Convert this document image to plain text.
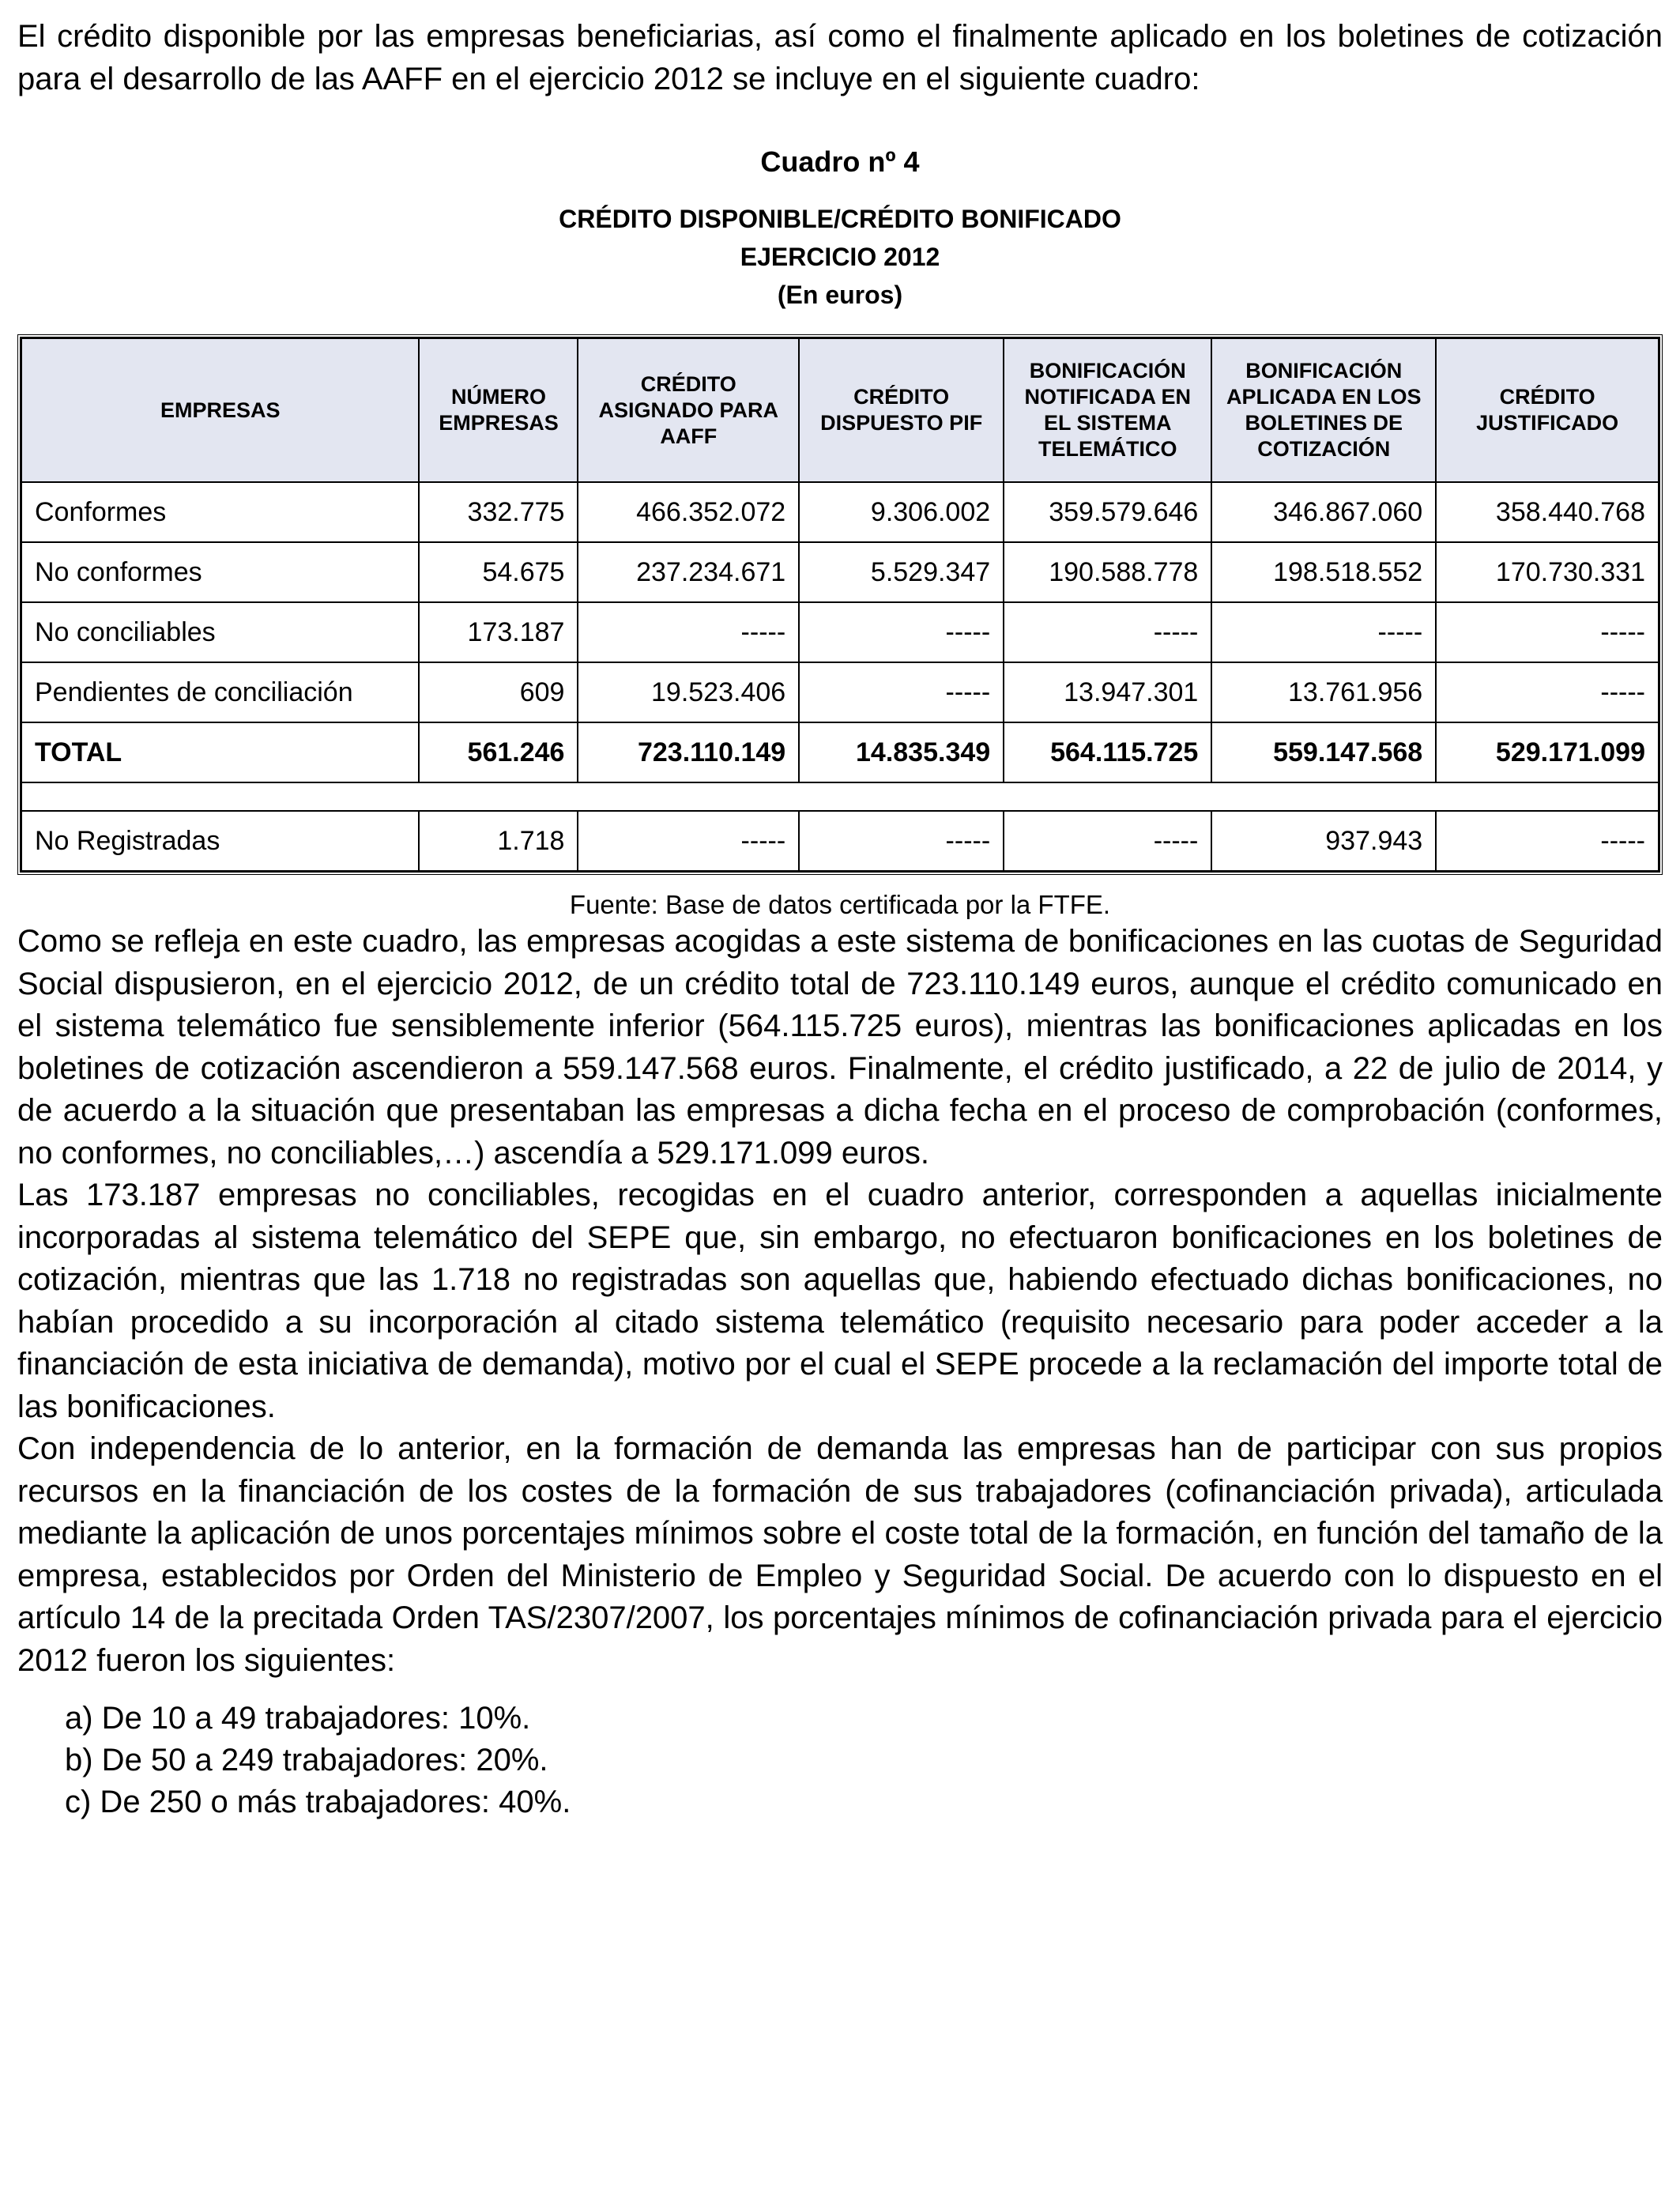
El crédito disponible por las empresas beneficiarias, así como el finalmente aplicado en los boletines de cotización para el desarrollo de las AAFF en el ejercicio 2012 se incluye en el siguiente cuadro:

Cuadro nº 4
CRÉDITO DISPONIBLE/CRÉDITO BONIFICADO
EJERCICIO 2012
(En euros)
EMPRESAS	NÚMERO EMPRESAS	CRÉDITO ASIGNADO PARA AAFF	CRÉDITO DISPUESTO PIF	BONIFICACIÓN NOTIFICADA EN EL SISTEMA TELEMÁTICO	BONIFICACIÓN APLICADA EN LOS BOLETINES DE COTIZACIÓN	CRÉDITO JUSTIFICADO
Conformes	332.775	466.352.072	9.306.002	359.579.646	346.867.060	358.440.768
No conformes	54.675	237.234.671	5.529.347	190.588.778	198.518.552	170.730.331
No conciliables	173.187	-----	-----	-----	-----	-----
Pendientes de conciliación	609	19.523.406	-----	13.947.301	13.761.956	-----
TOTAL	561.246	723.110.149	14.835.349	564.115.725	559.147.568	529.171.099

No Registradas	1.718	-----	-----	-----	937.943	-----
Fuente: Base de datos certificada por la FTFE.

Como se refleja en este cuadro, las empresas acogidas a este sistema de bonificaciones en las cuotas de Seguridad Social dispusieron, en el ejercicio 2012, de un crédito total de 723.110.149 euros, aunque el crédito comunicado en el sistema telemático fue sensiblemente inferior (564.115.725 euros), mientras las bonificaciones aplicadas en los boletines de cotización ascendieron a 559.147.568 euros. Finalmente, el crédito justificado, a 22 de julio de 2014, y de acuerdo a la situación que presentaban las empresas a dicha fecha en el proceso de comprobación (conformes, no conformes, no conciliables,…) ascendía a 529.171.099 euros.

Las 173.187 empresas no conciliables, recogidas en el cuadro anterior, corresponden a aquellas inicialmente incorporadas al sistema telemático del SEPE que, sin embargo, no efectuaron bonificaciones en los boletines de cotización, mientras que las 1.718 no registradas son aquellas que, habiendo efectuado dichas bonificaciones, no habían procedido a su incorporación al citado sistema telemático (requisito necesario para poder acceder a la financiación de esta iniciativa de demanda), motivo por el cual el SEPE procede a la reclamación del importe total de las bonificaciones.

Con independencia de lo anterior, en la formación de demanda las empresas han de participar con sus propios recursos en la financiación de los costes de la formación de sus trabajadores (cofinanciación privada), articulada mediante la aplicación de unos porcentajes mínimos sobre el coste total de la formación, en función del tamaño de la empresa, establecidos por Orden del Ministerio de Empleo y Seguridad Social. De acuerdo con lo dispuesto en el artículo 14 de la precitada Orden TAS/2307/2007, los porcentajes mínimos de cofinanciación privada para el ejercicio 2012 fueron los siguientes:

a) De 10 a 49 trabajadores: 10%.
b) De 50 a 249 trabajadores: 20%.
c) De 250 o más trabajadores: 40%.
